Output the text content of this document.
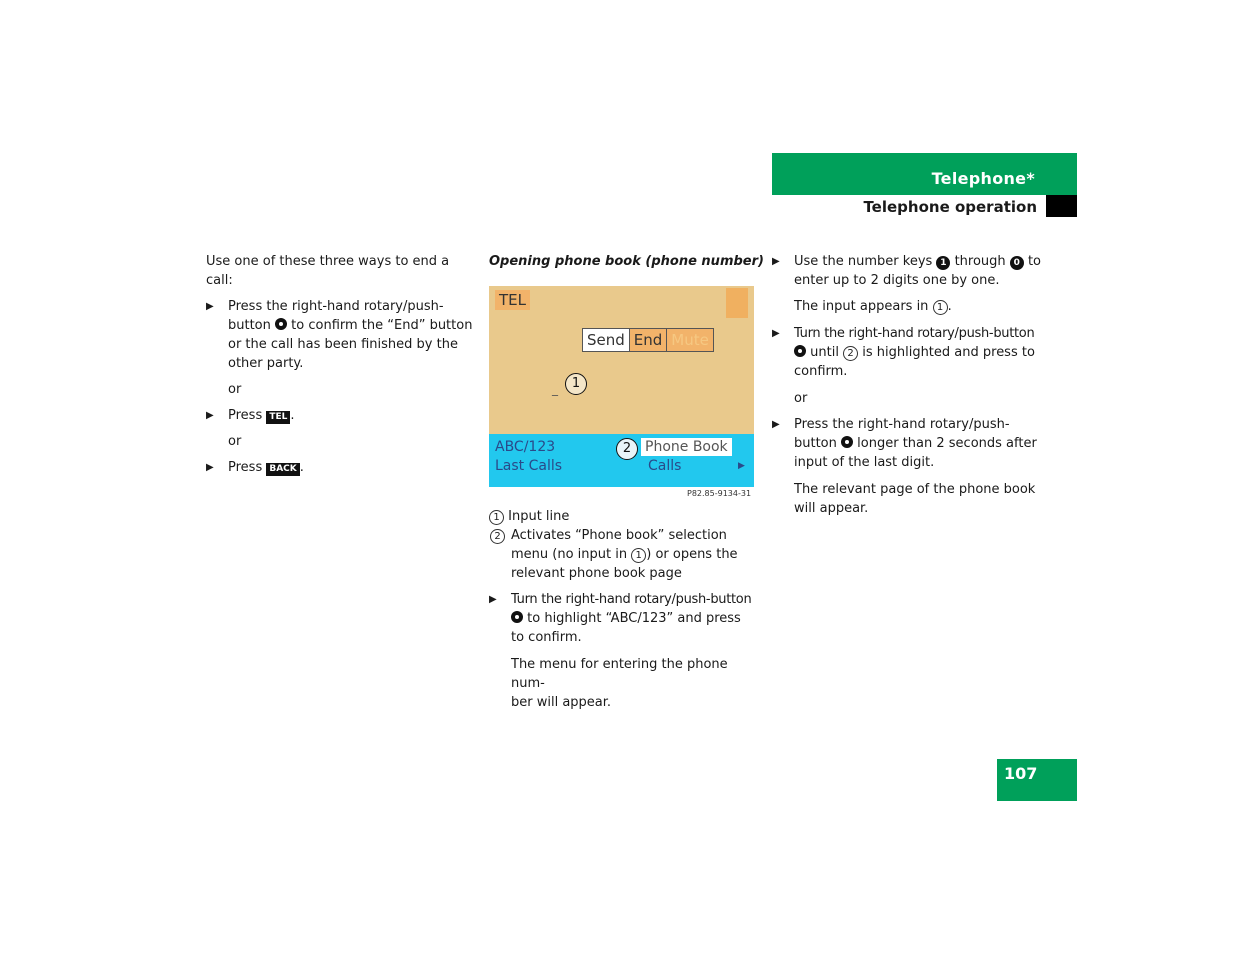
Telephone*
Telephone operation

Use one of these three ways to end a call:

▶ Press the right-hand rotary/push-
button to confirm the “End” button
or the call has been finished by the
other party.

or

▶ Press TEL .

or

▶ Press BACK .
Opening phone book (phone number)
TEL
Send End Mute
_	1
ABC/123
Last Calls
2 Phone Book
Calls	▶
P82.85-9134-31

1 Input line

2 Activates “Phone book” selection
menu (no input in 1 ) or opens the
relevant phone book page
▶ Turn the right-hand rotary/push-button
to highlight “ABC/123” and press
to confirm.

The menu for entering the phone num-
ber will appear.

▶ Use the number keys 1 through 0 to
enter up to 2 digits one by one.

The input appears in 1 .

▶ Turn the right-hand rotary/push-button
until 2 is highlighted and press to
confirm.

or

▶ Press the right-hand rotary/push-
button longer than 2 seconds after
input of the last digit.

The relevant page of the phone book
will appear.

107
